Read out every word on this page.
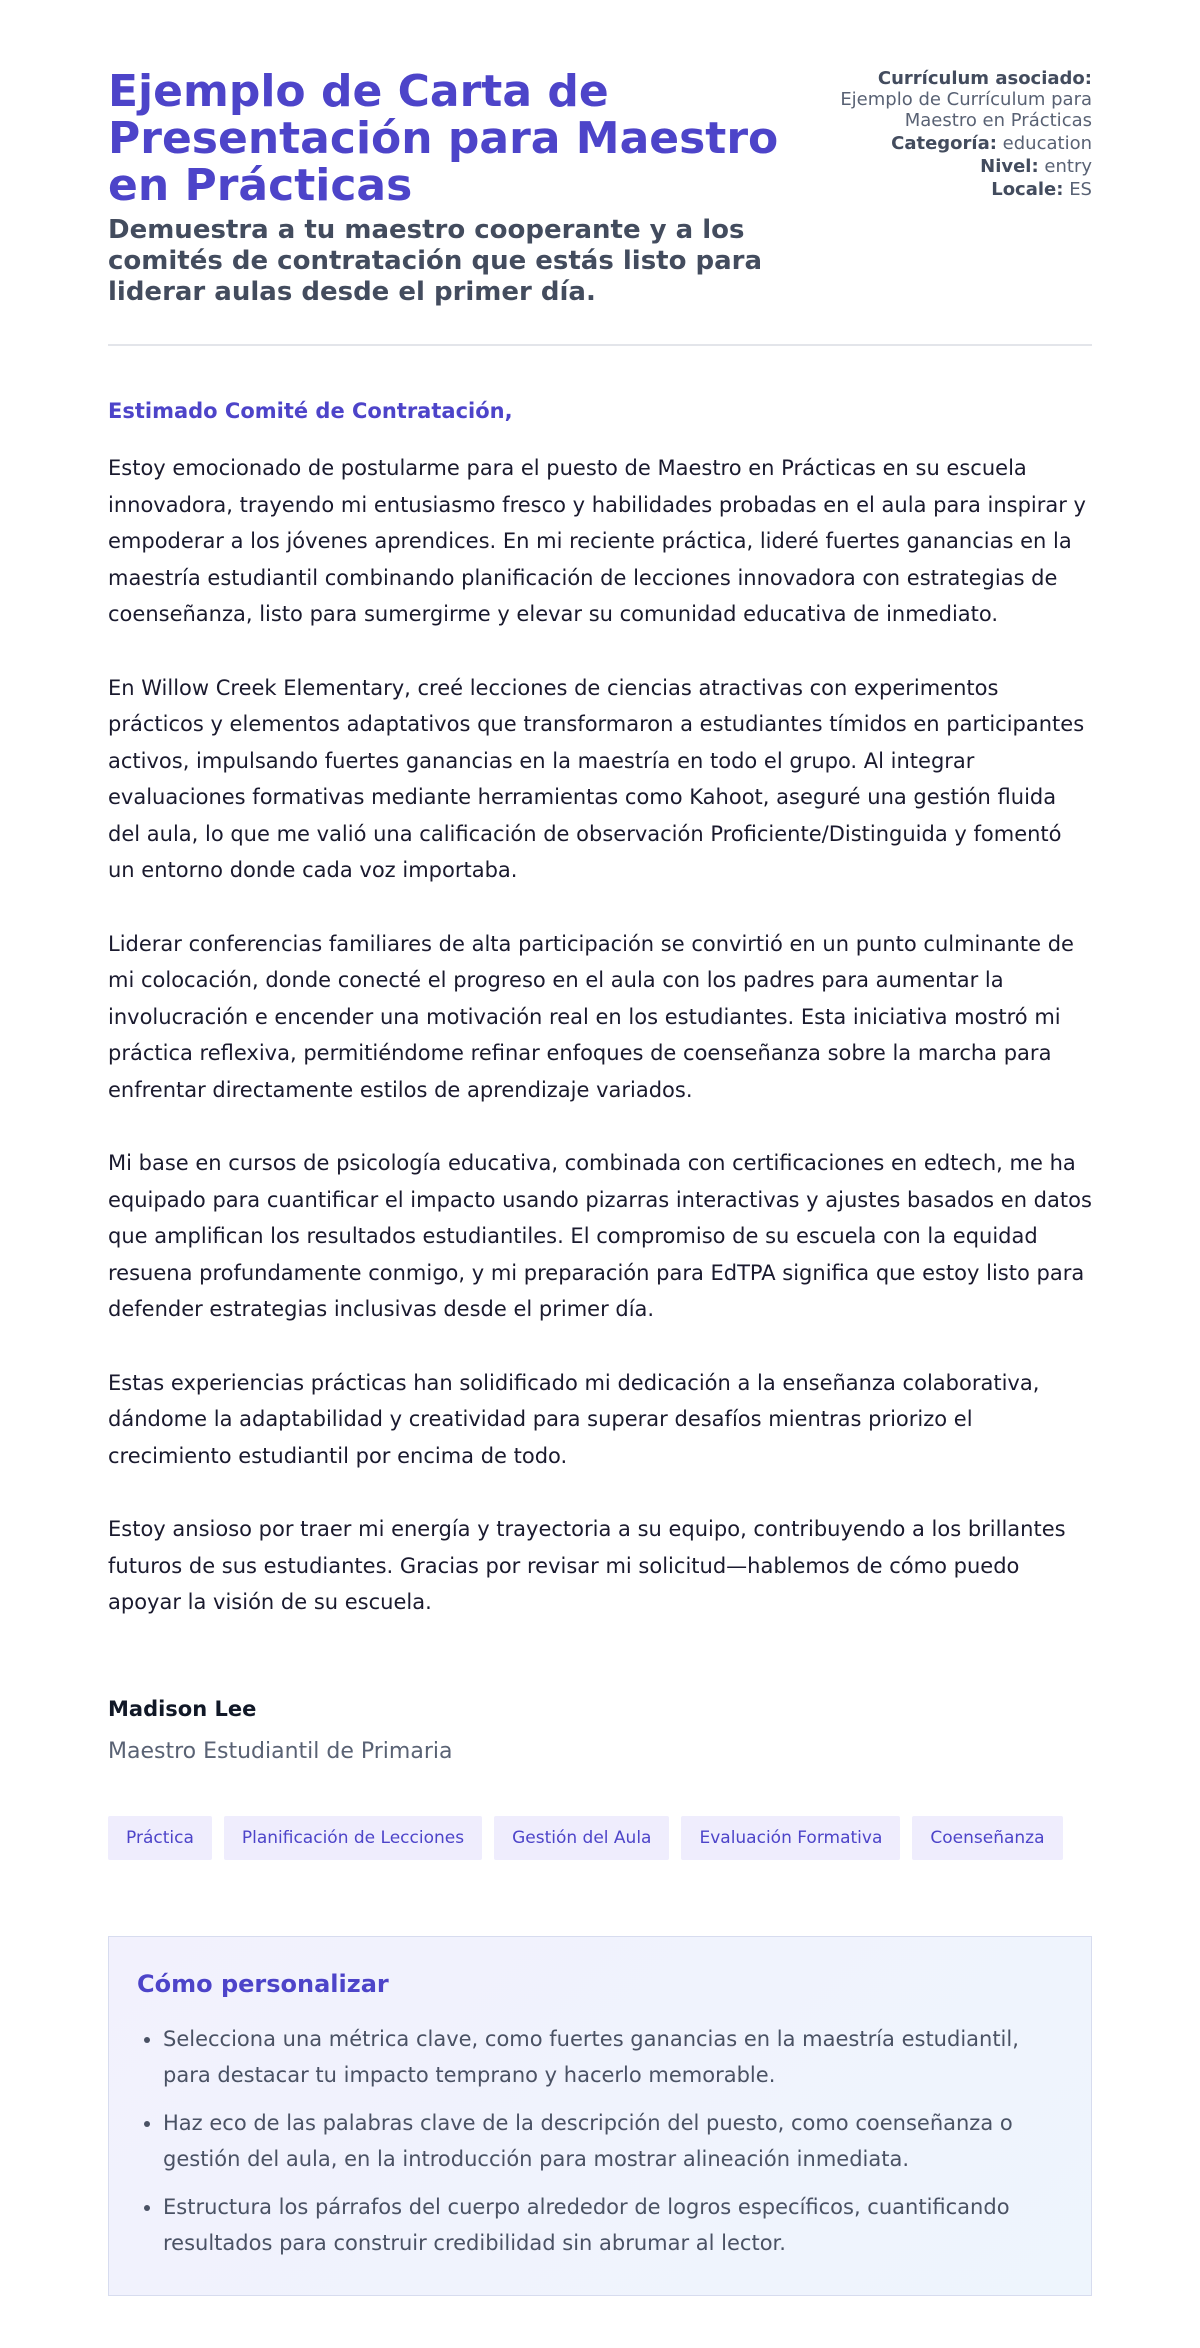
Ejemplo de Carta de Presentación para Maestro en Prácticas
Demuestra a tu maestro cooperante y a los comités de contratación que estás listo para liderar aulas desde el primer día.
Currículum asociado:
Ejemplo de Currículum para Maestro en Prácticas
Categoría: education
Nivel: entry
Locale: ES
Estimado Comité de Contratación,

Estoy emocionado de postularme para el puesto de Maestro en Prácticas en su escuela innovadora, trayendo mi entusiasmo fresco y habilidades probadas en el aula para inspirar y empoderar a los jóvenes aprendices. En mi reciente práctica, lideré fuertes ganancias en la maestría estudiantil combinando planificación de lecciones innovadora con estrategias de coenseñanza, listo para sumergirme y elevar su comunidad educativa de inmediato.

En Willow Creek Elementary, creé lecciones de ciencias atractivas con experimentos prácticos y elementos adaptativos que transformaron a estudiantes tímidos en participantes activos, impulsando fuertes ganancias en la maestría en todo el grupo. Al integrar evaluaciones formativas mediante herramientas como Kahoot, aseguré una gestión fluida del aula, lo que me valió una calificación de observación Proficiente/Distinguida y fomentó un entorno donde cada voz importaba.

Liderar conferencias familiares de alta participación se convirtió en un punto culminante de mi colocación, donde conecté el progreso en el aula con los padres para aumentar la involucración e encender una motivación real en los estudiantes. Esta iniciativa mostró mi práctica reflexiva, permitiéndome refinar enfoques de coenseñanza sobre la marcha para enfrentar directamente estilos de aprendizaje variados.

Mi base en cursos de psicología educativa, combinada con certificaciones en edtech, me ha equipado para cuantificar el impacto usando pizarras interactivas y ajustes basados en datos que amplifican los resultados estudiantiles. El compromiso de su escuela con la equidad resuena profundamente conmigo, y mi preparación para EdTPA significa que estoy listo para defender estrategias inclusivas desde el primer día.

Estas experiencias prácticas han solidificado mi dedicación a la enseñanza colaborativa, dándome la adaptabilidad y creatividad para superar desafíos mientras priorizo el crecimiento estudiantil por encima de todo.

Estoy ansioso por traer mi energía y trayectoria a su equipo, contribuyendo a los brillantes futuros de sus estudiantes. Gracias por revisar mi solicitud—hablemos de cómo puedo apoyar la visión de su escuela.

Madison Lee
Maestro Estudiantil de Primaria
Práctica	Planificación de Lecciones	Gestión del Aula	Evaluación Formativa	Coenseñanza
Cómo personalizar
• Selecciona una métrica clave, como fuertes ganancias en la maestría estudiantil, para destacar tu impacto temprano y hacerlo memorable.
• Haz eco de las palabras clave de la descripción del puesto, como coenseñanza o gestión del aula, en la introducción para mostrar alineación inmediata.
• Estructura los párrafos del cuerpo alrededor de logros específicos, cuantificando resultados para construir credibilidad sin abrumar al lector.
